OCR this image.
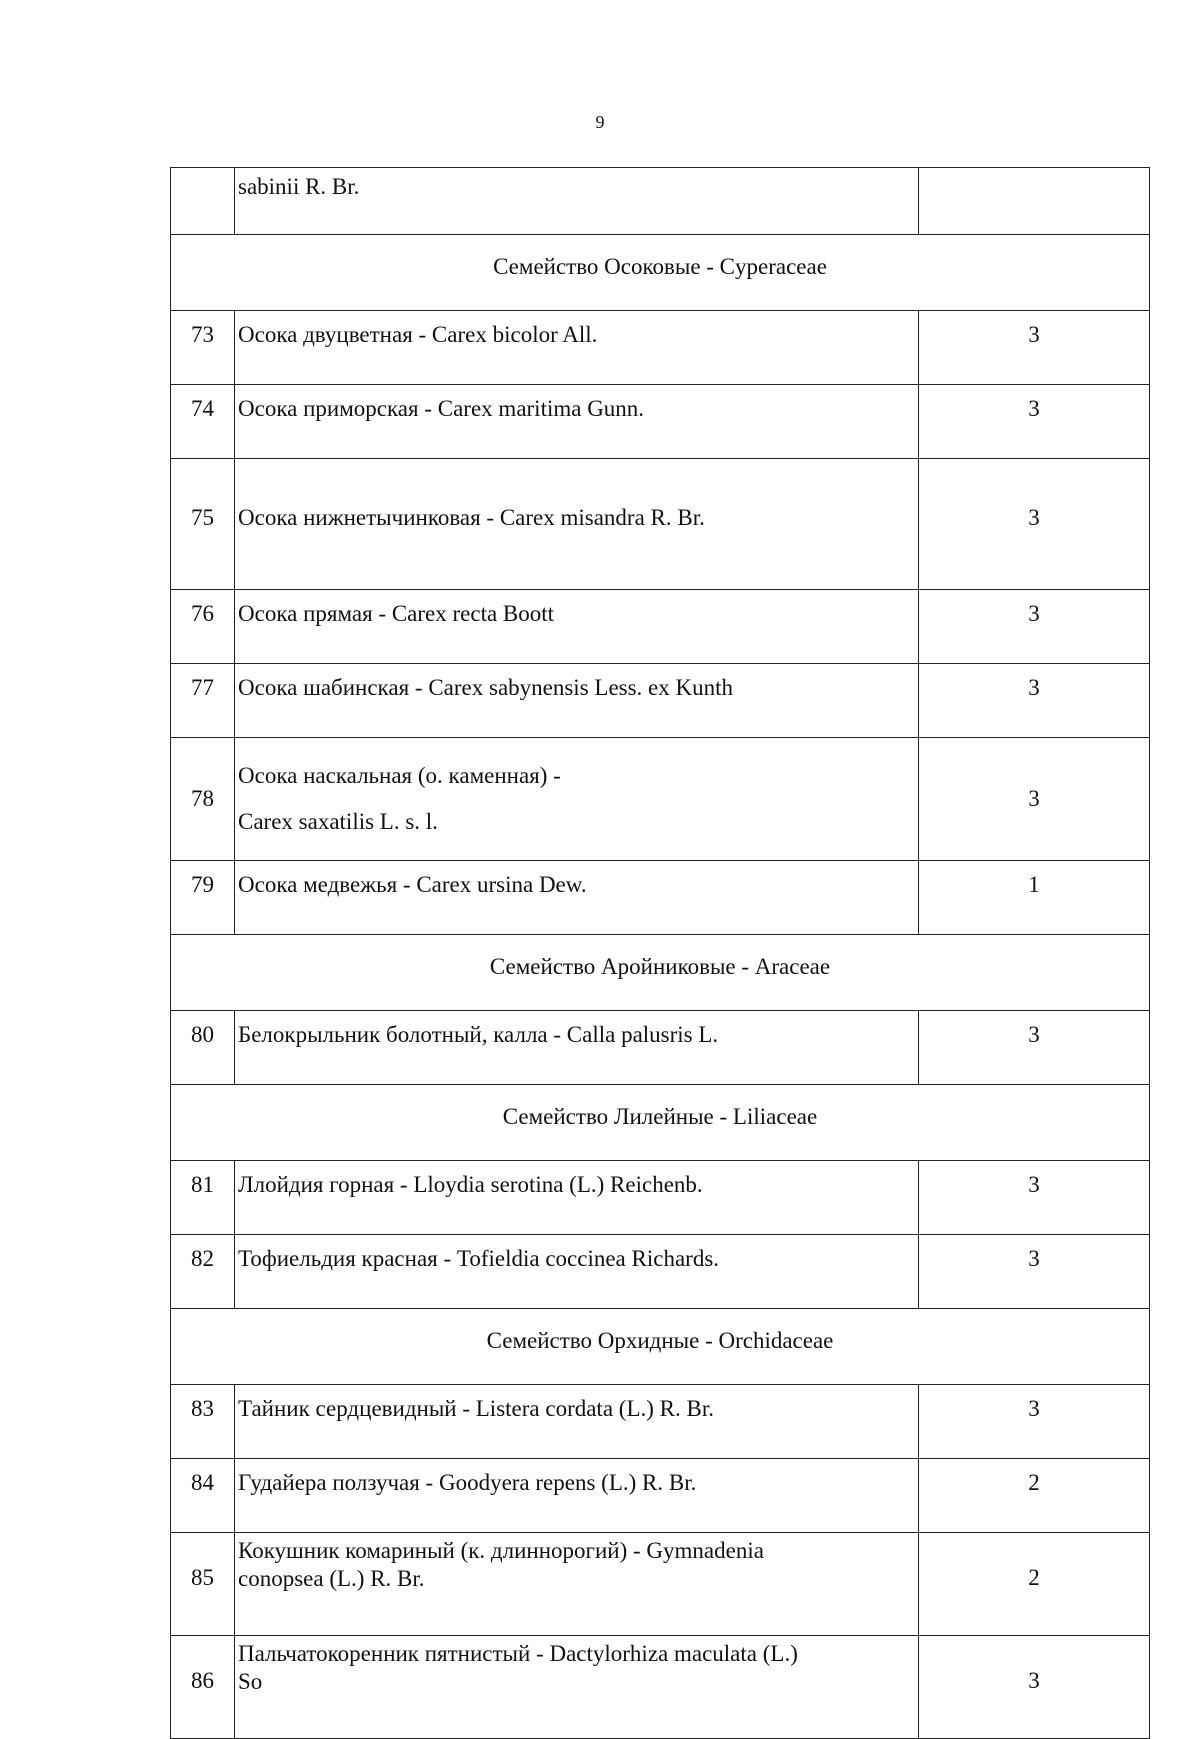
9
	sabinii R. Br.	
Семейство Осоковые - Cyperaceae		
73	Осока двуцветная - Carex bicolor All.	3
74	Осока приморская - Carex maritima Gunn.	3
75	Осока нижнетычинковая - Carex misandra R. Br.	3
76	Осока прямая - Carex recta Boott	3
77	Осока шабинская - Carex sabynensis Less. ex Kunth	3
78	Осока наскальная (о. каменная) -
Carex saxatilis L. s. l.	3
79	Осока медвежья - Carex ursina Dew.	1
Семейство Аройниковые - Araceae		
80	Белокрыльник болотный, калла - Calla palusris L.	3
Семейство Лилейные - Liliaceae		
81	Ллойдия горная - Lloydia serotina (L.) Reichenb.	3
82	Тофиельдия красная - Tofieldia coccinea Richards.	3
Семейство Орхидные - Orchidaceae		
83	Тайник сердцевидный - Listera cordata (L.) R. Br.	3
84	Гудайера ползучая - Goodyera repens (L.) R. Br.	2
85	Кокушник комариный (к. длиннорогий) - Gymnadenia
conopsea (L.) R. Br.	2
86	Пальчатокоренник пятнистый - Dactylorhiza maculata (L.)
So	3
